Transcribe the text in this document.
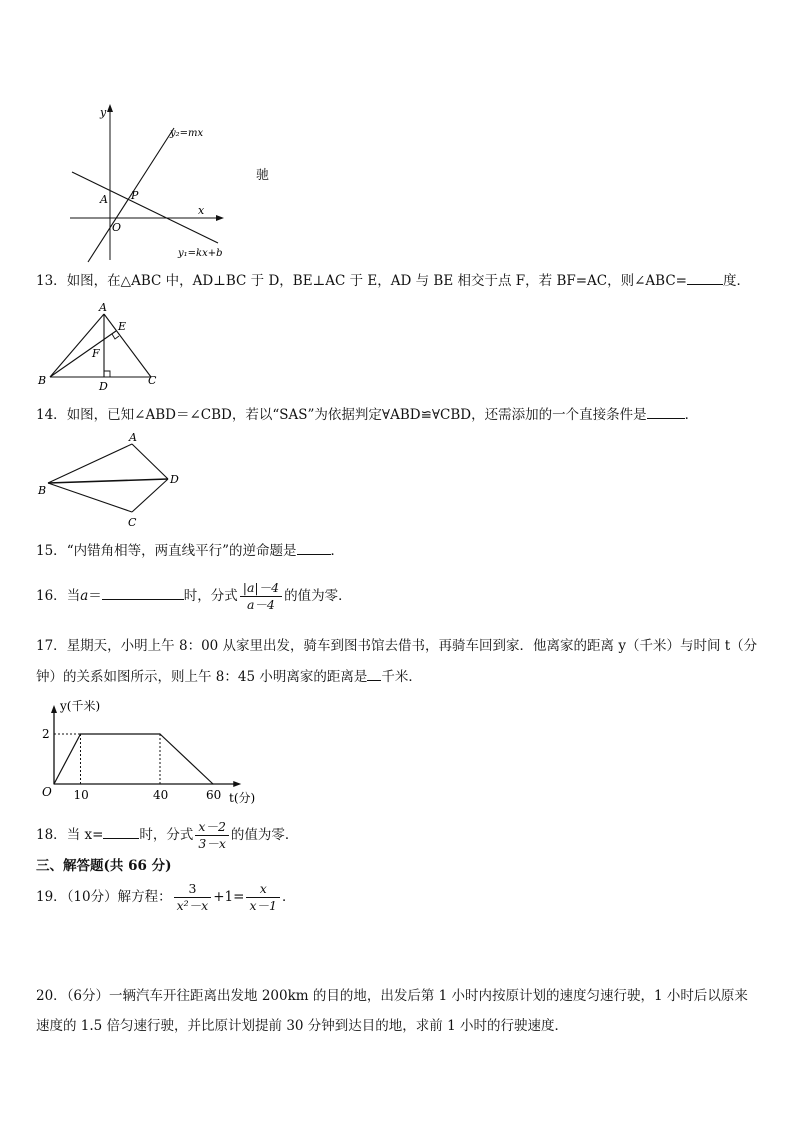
y
x
O
A P
y₂=mx
y₁=kx+b
驰
13．如图，在△ABC 中，AD⊥BC 于 D，BE⊥AC 于 E，AD 与 BE 相交于点 F，若 BF=AC，则∠ABC=	度．
A
B	C
D
E
F
14．如图，已知∠ABD＝∠CBD，若以“SAS”为依据判定∀ABD≌∀CBD，还需添加的一个直接条件是	．
A
B
C
D
15．“内错角相等，两直线平行”的逆命题是	．
16．当a＝	时，分式 $\frac{|a|-4}{a-4}$ 的值为零．
17．星期天，小明上午 8：00 从家里出发，骑车到图书馆去借书，再骑车回到家．他离家的距离 y（千米）与时间 t（分
钟）的关系如图所示，则上午 8：45 小明离家的距离是 千米．
O 10	40	60
2
y(千米)
t(分)
18．当 x=	时，分式 $\frac{x-2}{3-x}$ 的值为零．
三、解答题(共 66 分)
19．（10分）解方程： $\frac{3}{\text{x²－x}} +1= \frac{x}{x-1}$ ．
20．（6分）一辆汽车开往距离出发地 200km 的目的地，出发后第 1 小时内按原计划的速度匀速行驶，1 小时后以原来
速度的 1.5 倍匀速行驶，并比原计划提前 30 分钟到达目的地，求前 1 小时的行驶速度．
